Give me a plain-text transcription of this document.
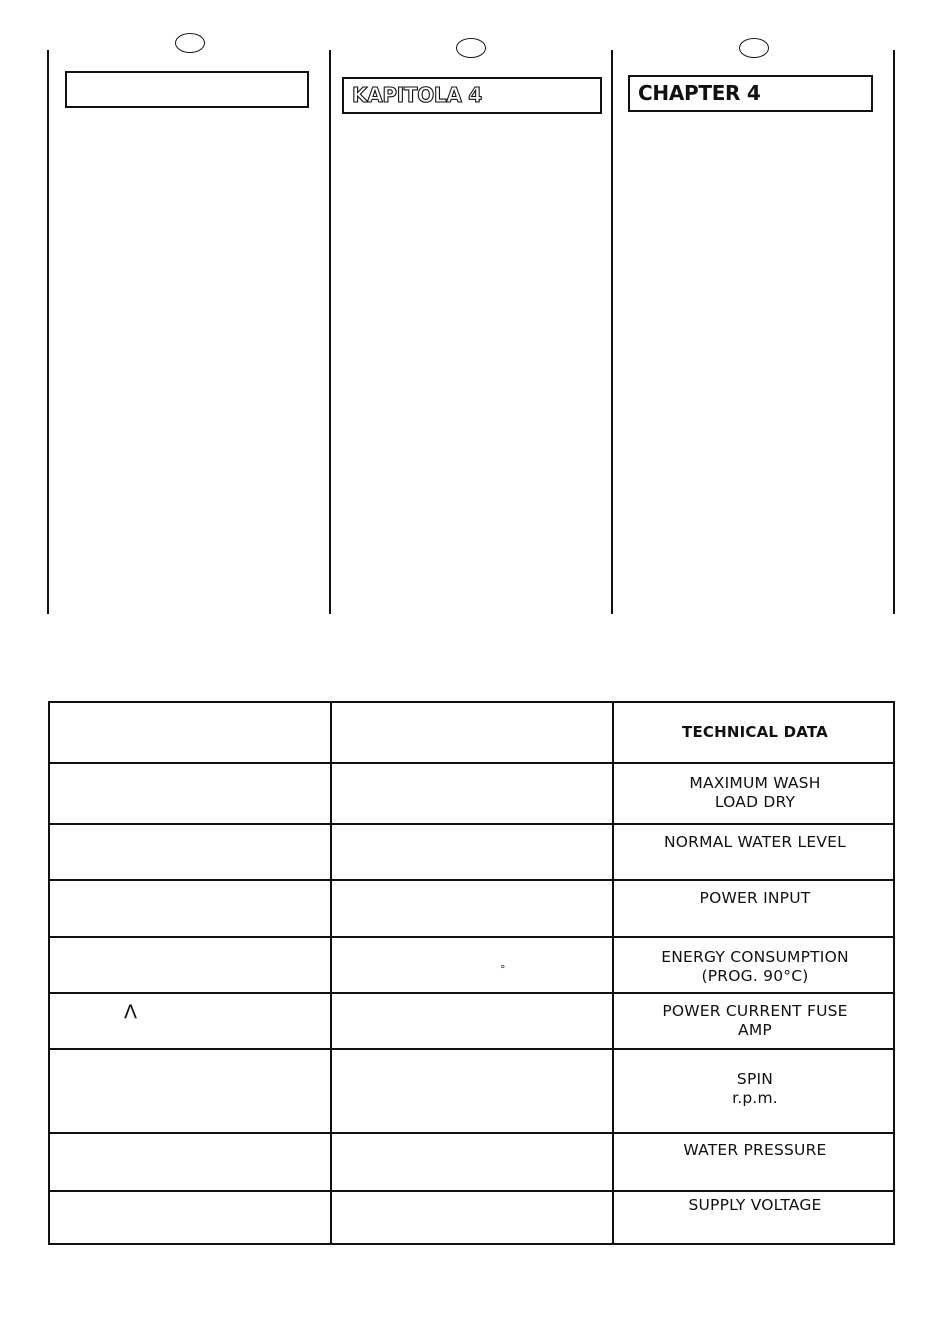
KAPITOLA 4	CHAPTER 4
TECHNICAL DATA
MAXIMUM WASH
LOAD DRY
NORMAL WATER LEVEL
POWER INPUT
ENERGY CONSUMPTION
(PROG. 90°C)
POWER CURRENT FUSE
AMP
SPIN
r.p.m.
WATER PRESSURE
SUPPLY VOLTAGE
°
Λ
